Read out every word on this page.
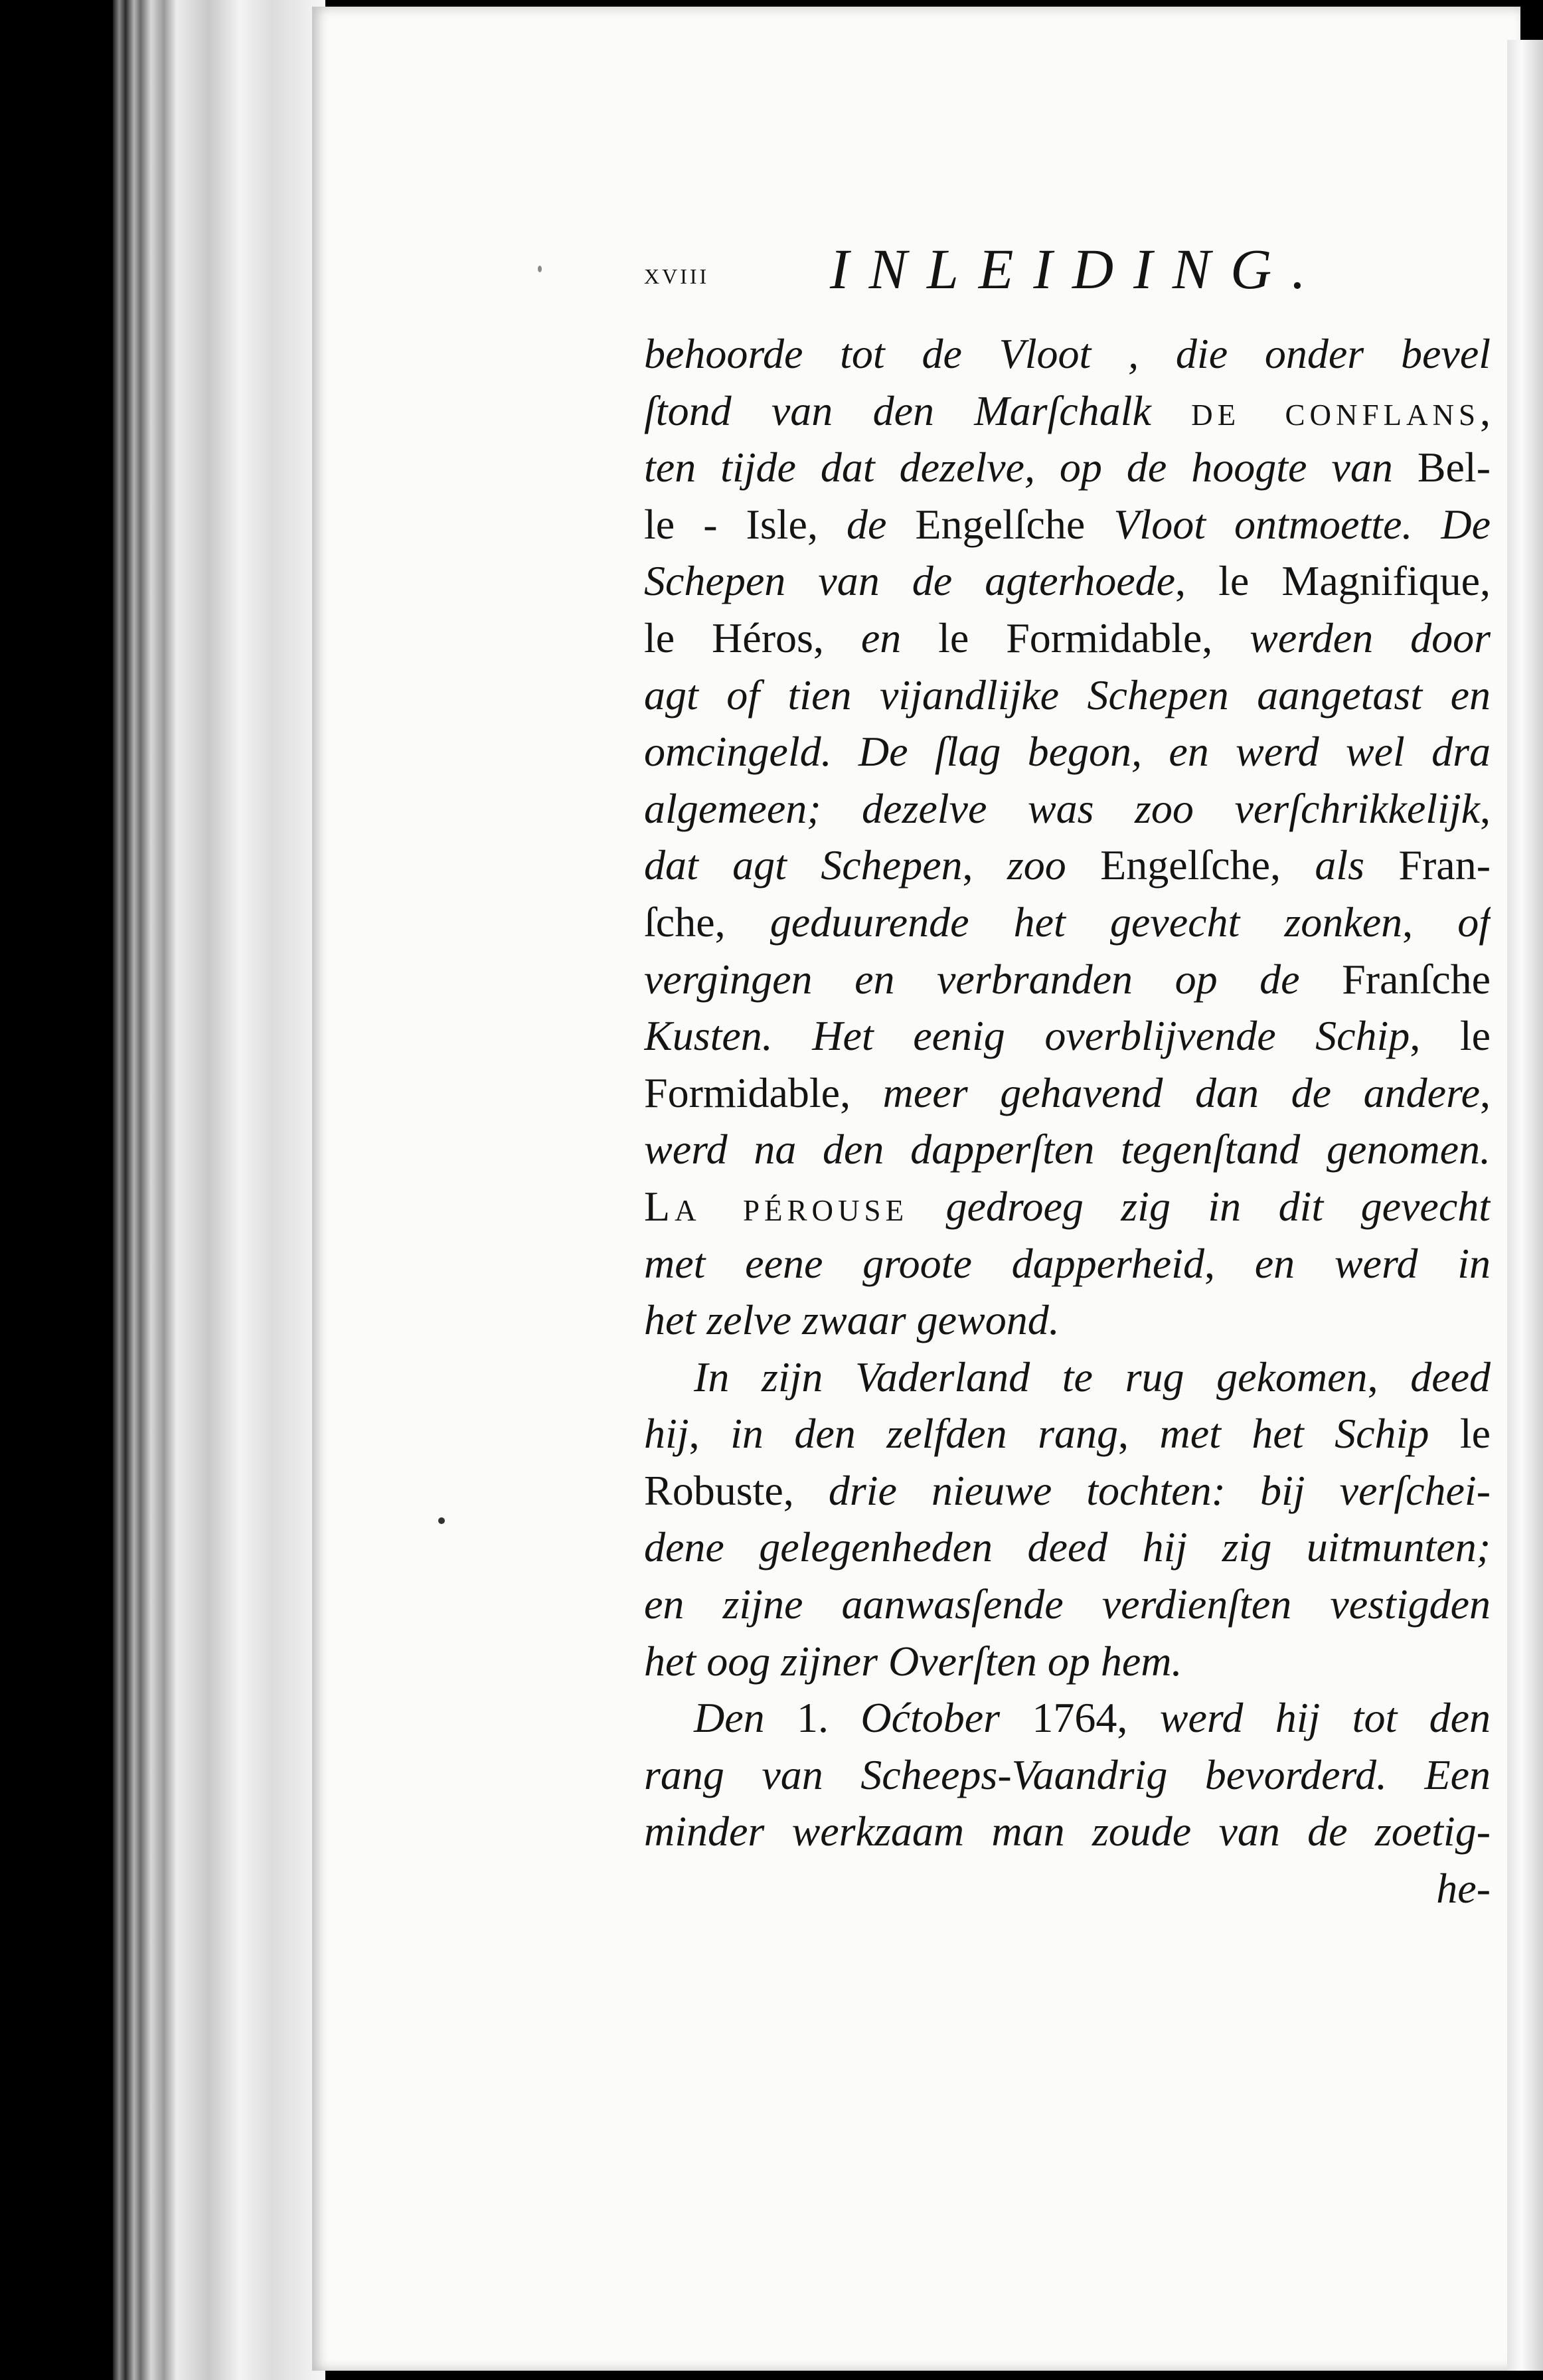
xviii INLEIDING.
behoorde tot de Vloot , die onder bevel
ſtond van den Marſchalk de conflans,
ten tijde dat dezelve, op de hoogte van Bel-
le - Isle, de Engelſche Vloot ontmoette. De
Schepen van de agterhoede, le Magnifique,
le Héros, en le Formidable, werden door
agt of tien vijandlijke Schepen aangetast en
omcingeld. De ſlag begon, en werd wel dra
algemeen; dezelve was zoo verſchrikkelijk,
dat agt Schepen, zoo Engelſche, als Fran-
ſche, geduurende het gevecht zonken, of
vergingen en verbranden op de Franſche
Kusten. Het eenig overblijvende Schip, le
Formidable, meer gehavend dan de andere,
werd na den dapperſten tegenſtand genomen.
La pérouse gedroeg zig in dit gevecht
met eene groote dapperheid, en werd in
het zelve zwaar gewond.
In zijn Vaderland te rug gekomen, deed
hij, in den zelfden rang, met het Schip le
Robuste, drie nieuwe tochten: bij verſchei-
dene gelegenheden deed hij zig uitmunten;
en zijne aanwasſende verdienſten vestigden
het oog zijner Overſten op hem.
Den 1. Oćtober 1764, werd hij tot den
rang van Scheeps-Vaandrig bevorderd. Een
minder werkzaam man zoude van de zoetig-
he-
